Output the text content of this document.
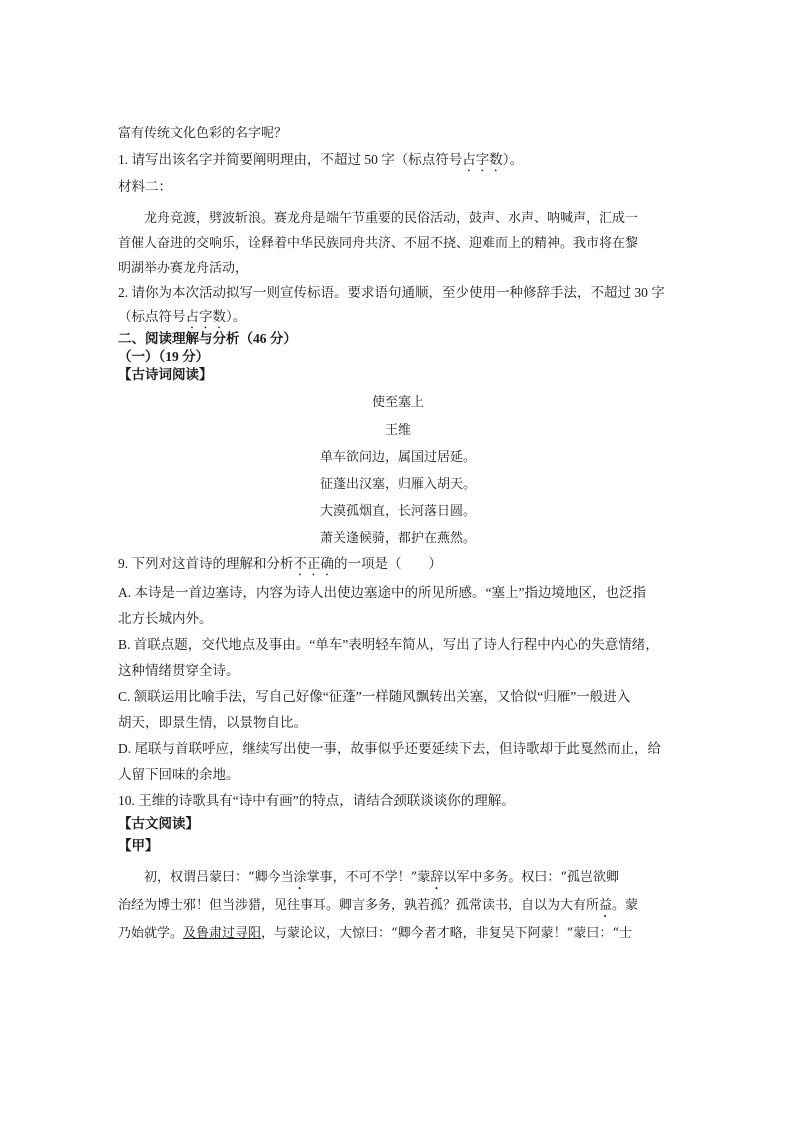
富有传统文化色彩的名字呢？

1. 请写出该名字并简要阐明理由，不超过 50 字（标点符号占字数）。

材料二：

龙舟竞渡，劈波斩浪。赛龙舟是端午节重要的民俗活动，鼓声、水声、呐喊声，汇成一

首催人奋进的交响乐，诠释着中华民族同舟共济、不屈不挠、迎难而上的精神。我市将在黎

明湖举办赛龙舟活动，

2. 请你为本次活动拟写一则宣传标语。要求语句通顺，至少使用一种修辞手法，不超过 30 字

（标点符号占字数）。

二、阅读理解与分析（46 分）

（一）（19 分）

【古诗词阅读】

使至塞上

王维

单车欲问边，属国过居延。

征蓬出汉塞，归雁入胡天。

大漠孤烟直，长河落日圆。

萧关逢候骑，都护在燕然。

9. 下列对这首诗的理解和分析不正确的一项是（　　）

A. 本诗是一首边塞诗，内容为诗人出使边塞途中的所见所感。“塞上”指边境地区，也泛指

北方长城内外。

B. 首联点题，交代地点及事由。“单车”表明轻车简从，写出了诗人行程中内心的失意情绪，

这种情绪贯穿全诗。

C. 颔联运用比喻手法，写自己好像“征蓬”一样随风飘转出关塞，又恰似“归雁”一般进入

胡天，即景生情，以景物自比。

D. 尾联与首联呼应，继续写出使一事，故事似乎还要延续下去，但诗歌却于此戛然而止，给

人留下回味的余地。

10. 王维的诗歌具有“诗中有画”的特点，请结合颈联谈谈你的理解。

【古文阅读】

【甲】

初，权谓吕蒙曰：“卿今当涂掌事，不可不学！”蒙辞以军中多务。权曰：“孤岂欲卿

治经为博士邪！但当涉猎，见往事耳。卿言多务，孰若孤？孤常读书，自以为大有所益。蒙

乃始就学。及鲁肃过寻阳，与蒙论议，大惊曰：“卿今者才略，非复吴下阿蒙！”蒙曰：“士
